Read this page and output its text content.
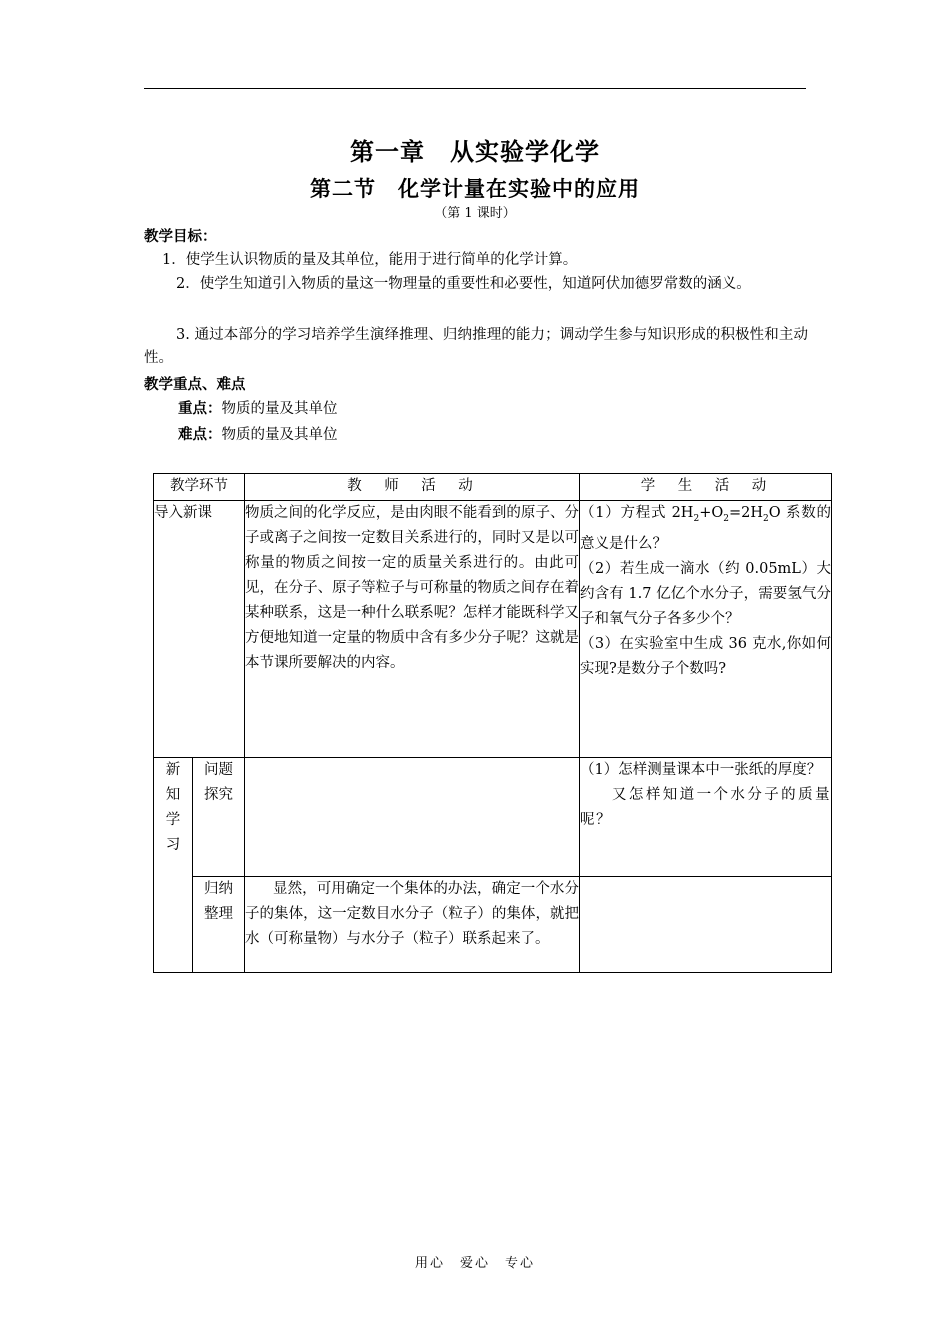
第一章　从实验学化学
第二节　化学计量在实验中的应用
（第 1 课时）
教学目标：
1．使学生认识物质的量及其单位，能用于进行简单的化学计算。
2．使学生知道引入物质的量这一物理量的重要性和必要性，知道阿伏加德罗常数的涵义。
3. 通过本部分的学习培养学生演绎推理、归纳推理的能力；调动学生参与知识形成的积极性和主动性。
教学重点、难点
重点：物质的量及其单位
难点：物质的量及其单位
教学环节		教　师　活　动	学　生　活　动
导入新课		物质之间的化学反应，是由肉眼不能看到的原子、分子或离子之间按一定数目关系进行的，同时又是以可称量的物质之间按一定的质量关系进行的。由此可见，在分子、原子等粒子与可称量的物质之间存在着某种联系，这是一种什么联系呢？怎样才能既科学又方便地知道一定量的物质中含有多少分子呢？这就是本节课所要解决的内容。	（1）方程式 $2H_2+O_2=2H_2O$ 系数的意义是什么？
（2）若生成一滴水（约 0.05mL）大约含有 1.7 亿亿个水分子，需要氢气分子和氧气分子各多少个？
（3）在实验室中生成 36 克水,你如何实现?是数分子个数吗?

新知学习	问题探究		（1）怎样测量课本中一张纸的厚度？
又怎样知道一个水分子的质量呢？

	归纳整理	显然，可用确定一个集体的办法，确定一个水分子的集体，这一定数目水分子（粒子）的集体，就把水（可称量物）与水分子（粒子）联系起来了。	
用心　爱心　专心
